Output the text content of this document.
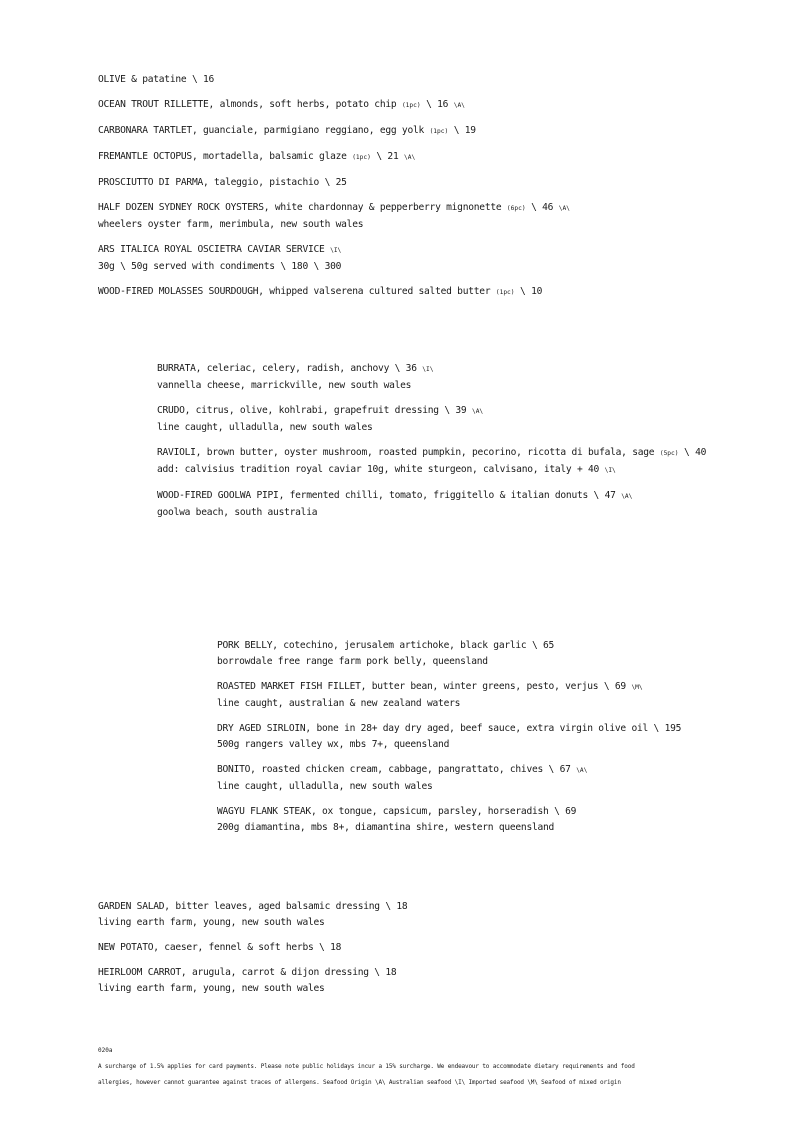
OLIVE & patatine \ 16
OCEAN TROUT RILLETTE, almonds, soft herbs, potato chip (1pc) \ 16 \A\
CARBONARA TARTLET, guanciale, parmigiano reggiano, egg yolk (1pc) \ 19
FREMANTLE OCTOPUS, mortadella, balsamic glaze (1pc) \ 21 \A\
PROSCIUTTO DI PARMA, taleggio, pistachio \ 25
HALF DOZEN SYDNEY ROCK OYSTERS, white chardonnay & pepperberry mignonette (6pc) \ 46 \A\
wheelers oyster farm, merimbula, new south wales
ARS ITALICA ROYAL OSCIETRA CAVIAR SERVICE \I\
30g \ 50g served with condiments \ 180 \ 300
WOOD-FIRED MOLASSES SOURDOUGH, whipped valserena cultured salted butter (1pc) \ 10
BURRATA, celeriac, celery, radish, anchovy \ 36 \I\
vannella cheese, marrickville, new south wales
CRUDO, citrus, olive, kohlrabi, grapefruit dressing \ 39 \A\
line caught, ulladulla, new south wales
RAVIOLI, brown butter, oyster mushroom, roasted pumpkin, pecorino, ricotta di bufala, sage (5pc) \ 40
add: calvisius tradition royal caviar 10g, white sturgeon, calvisano, italy + 40 \I\
WOOD-FIRED GOOLWA PIPI, fermented chilli, tomato, friggitello & italian donuts \ 47 \A\
goolwa beach, south australia
PORK BELLY, cotechino, jerusalem artichoke, black garlic \ 65
borrowdale free range farm pork belly, queensland
ROASTED MARKET FISH FILLET, butter bean, winter greens, pesto, verjus \ 69 \M\
line caught, australian & new zealand waters
DRY AGED SIRLOIN, bone in 28+ day dry aged, beef sauce, extra virgin olive oil \ 195
500g rangers valley wx, mbs 7+, queensland
BONITO, roasted chicken cream, cabbage, pangrattato, chives \ 67 \A\
line caught, ulladulla, new south wales
WAGYU FLANK STEAK, ox tongue, capsicum, parsley, horseradish \ 69
200g diamantina, mbs 8+, diamantina shire, western queensland
GARDEN SALAD, bitter leaves, aged balsamic dressing \ 18
living earth farm, young, new south wales
NEW POTATO, caeser, fennel & soft herbs \ 18
HEIRLOOM CARROT, arugula, carrot & dijon dressing \ 18
living earth farm, young, new south wales
020a
A surcharge of 1.5% applies for card payments. Please note public holidays incur a 15% surcharge. We endeavour to accommodate dietary requirements and food
allergies, however cannot guarantee against traces of allergens. Seafood Origin \A\ Australian seafood \I\ Imported seafood \M\ Seafood of mixed origin
